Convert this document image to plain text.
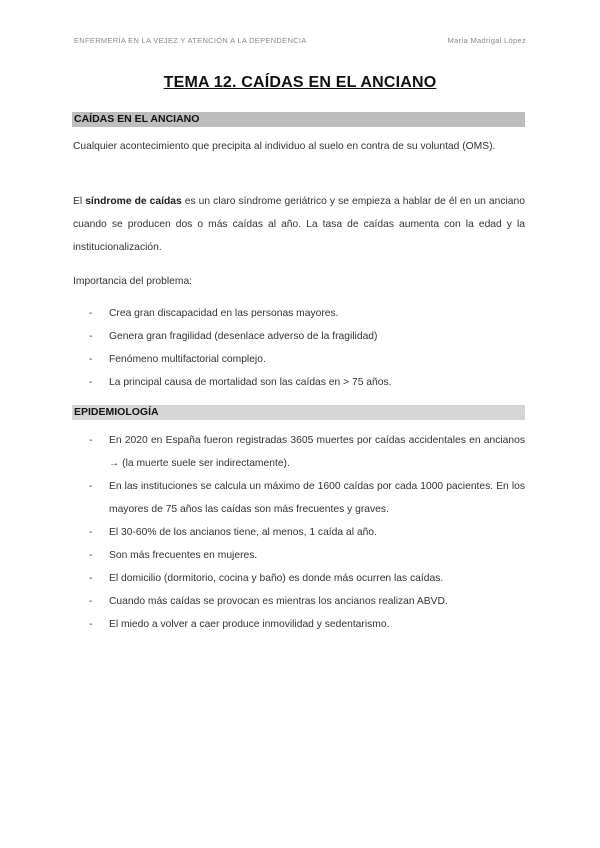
ENFERMERÍA EN LA VEJEZ Y ATENCIÓN A LA DEPENDENCIA	María Madrigal López
TEMA 12. CAÍDAS EN EL ANCIANO
CAÍDAS EN EL ANCIANO

Cualquier acontecimiento que precipita al individuo al suelo en contra de su voluntad (OMS).

El síndrome de caídas es un claro síndrome geriátrico y se empieza a hablar de él en un anciano cuando se producen dos o más caídas al año. La tasa de caídas aumenta con la edad y la institucionalización.

Importancia del problema:

- Crea gran discapacidad en las personas mayores.
- Genera gran fragilidad (desenlace adverso de la fragilidad)
- Fenómeno multifactorial complejo.
- La principal causa de mortalidad son las caídas en > 75 años.
EPIDEMIOLOGÍA
- En 2020 en España fueron registradas 3605 muertes por caídas accidentales en ancianos → (la muerte suele ser indirectamente).
- En las instituciones se calcula un máximo de 1600 caídas por cada 1000 pacientes. En los mayores de 75 años las caídas son más frecuentes y graves.
- El 30-60% de los ancianos tiene, al menos, 1 caída al año.
- Son más frecuentes en mujeres.
- El domicilio (dormitorio, cocina y baño) es donde más ocurren las caídas.
- Cuando más caídas se provocan es mientras los ancianos realizan ABVD.
- El miedo a volver a caer produce inmovilidad y sedentarismo.
